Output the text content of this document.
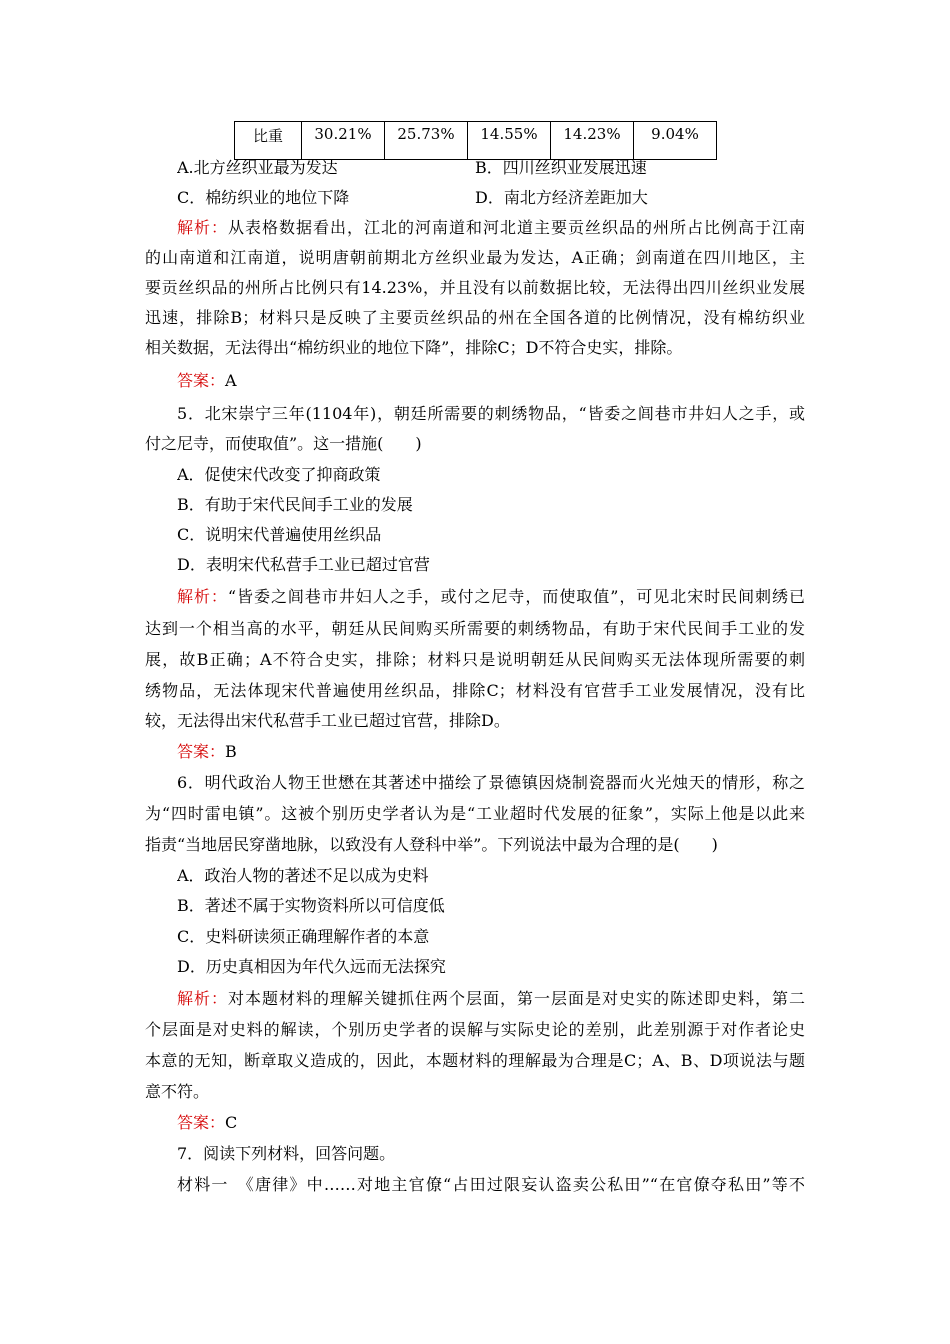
比重	30.21%	25.73%	14.55%	14.23%	9.04%
A.北方丝织业最为发达	B．四川丝织业发展迅速
C．棉纺织业的地位下降	D．南北方经济差距加大
解析：从表格数据看出，江北的河南道和河北道主要贡丝织品的州所占比例高于江南
的山南道和江南道，说明唐朝前期北方丝织业最为发达，A正确；剑南道在四川地区，主
要贡丝织品的州所占比例只有14.23%，并且没有以前数据比较，无法得出四川丝织业发展
迅速，排除B；材料只是反映了主要贡丝织品的州在全国各道的比例情况，没有棉纺织业
相关数据，无法得出“棉纺织业的地位下降”，排除C；D不符合史实，排除。
答案：A
5．北宋崇宁三年(1104年)，朝廷所需要的刺绣物品，“皆委之闾巷市井妇人之手，或
付之尼寺，而使取值”。这一措施(　　)
A．促使宋代改变了抑商政策
B．有助于宋代民间手工业的发展
C．说明宋代普遍使用丝织品
D．表明宋代私营手工业已超过官营
解析：“皆委之闾巷市井妇人之手，或付之尼寺，而使取值”，可见北宋时民间刺绣已
达到一个相当高的水平，朝廷从民间购买所需要的刺绣物品，有助于宋代民间手工业的发
展，故B正确；A不符合史实，排除；材料只是说明朝廷从民间购买无法体现所需要的刺
绣物品，无法体现宋代普遍使用丝织品，排除C；材料没有官营手工业发展情况，没有比
较，无法得出宋代私营手工业已超过官营，排除D。
答案：B
6．明代政治人物王世懋在其著述中描绘了景德镇因烧制瓷器而火光烛天的情形，称之
为“四时雷电镇”。这被个别历史学者认为是“工业超时代发展的征象”，实际上他是以此来
指责“当地居民穿凿地脉，以致没有人登科中举”。下列说法中最为合理的是(　　)
A．政治人物的著述不足以成为史料
B．著述不属于实物资料所以可信度低
C．史料研读须正确理解作者的本意
D．历史真相因为年代久远而无法探究
解析：对本题材料的理解关键抓住两个层面，第一层面是对史实的陈述即史料，第二
个层面是对史料的解读，个别历史学者的误解与实际史论的差别，此差别源于对作者论史
本意的无知，断章取义造成的，因此，本题材料的理解最为合理是C；A、B、D项说法与题
意不符。
答案：C
7．阅读下列材料，回答问题。
材料一　《唐律》中……对地主官僚“占田过限妄认盗卖公私田”“在官僚夺私田”等不
